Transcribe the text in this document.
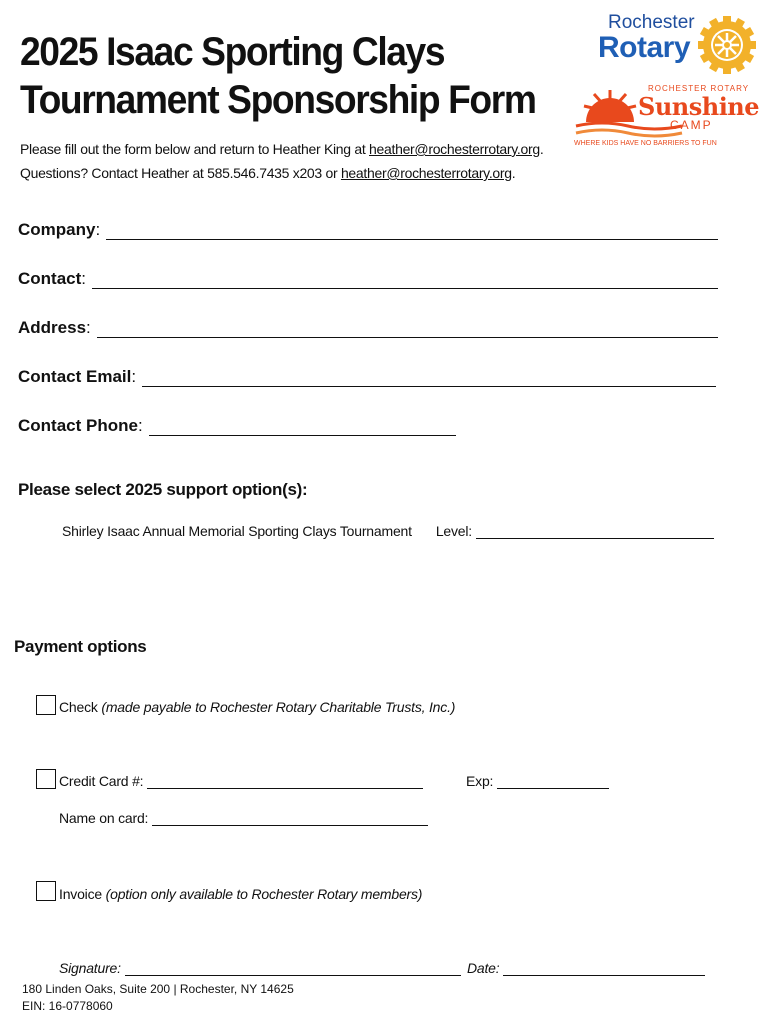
2025 Isaac Sporting Clays
Tournament Sponsorship Form
Please fill out the form below and return to Heather King at heather@rochesterrotary.org.
Questions? Contact Heather at 585.546.7435 x203 or heather@rochesterrotary.org.
Rochester
Rotary
ROCHESTER ROTARY
Sunshine
CAMP
WHERE KIDS HAVE NO BARRIERS TO FUN
Company :
Contact :
Address :
Contact Email :
Contact Phone :
Please select 2025 support option(s):
Shirley Isaac Annual Memorial Sporting Clays Tournament Level:
Payment options
Check (made payable to Rochester Rotary Charitable Trusts, Inc.)
Credit Card #:	Exp:
Name on card:
Invoice (option only available to Rochester Rotary members)
Signature:	Date:
180 Linden Oaks, Suite 200 | Rochester, NY 14625
EIN: 16-0778060
